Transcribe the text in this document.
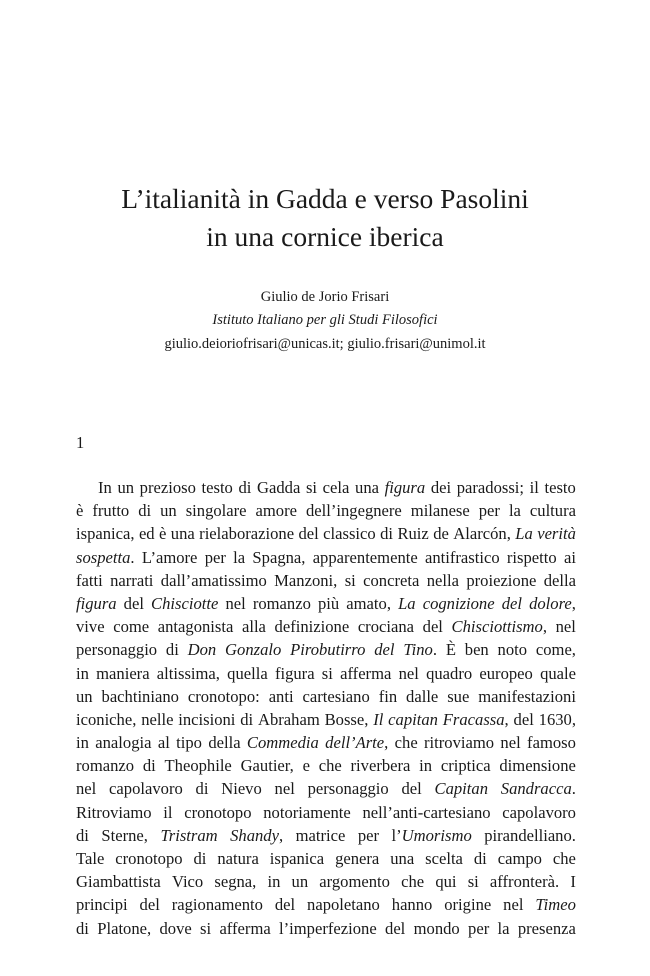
L’italianità in Gadda e verso Pasolini
in una cornice iberica
Giulio de Jorio Frisari
Istituto Italiano per gli Studi Filosofici
giulio.deioriofrisari@unicas.it; giulio.frisari@unimol.it
1
In un prezioso testo di Gadda si cela una figura dei paradossi; il testo
è frutto di un singolare amore dell’ingegnere milanese per la cultura
ispanica, ed è una rielaborazione del classico di Ruiz de Alarcón, La verità
sospetta. L’amore per la Spagna, apparentemente antifrastico rispetto ai
fatti narrati dall’amatissimo Manzoni, si concreta nella proiezione della
figura del Chisciotte nel romanzo più amato, La cognizione del dolore,
vive come antagonista alla definizione crociana del Chisciottismo, nel
personaggio di Don Gonzalo Pirobutirro del Tino. È ben noto come,
in maniera altissima, quella figura si afferma nel quadro europeo quale
un bachtiniano cronotopo: anti cartesiano fin dalle sue manifestazioni
iconiche, nelle incisioni di Abraham Bosse, Il capitan Fracassa, del 1630,
in analogia al tipo della Commedia dell’Arte, che ritroviamo nel famoso
romanzo di Theophile Gautier, e che riverbera in criptica dimensione
nel capolavoro di Nievo nel personaggio del Capitan Sandracca.
Ritroviamo il cronotopo notoriamente nell’anti-cartesiano capolavoro
di Sterne, Tristram Shandy, matrice per l’Umorismo pirandelliano.
Tale cronotopo di natura ispanica genera una scelta di campo che
Giambattista Vico segna, in un argomento che qui si affronterà. I
principi del ragionamento del napoletano hanno origine nel Timeo
di Platone, dove si afferma l’imperfezione del mondo per la presenza
